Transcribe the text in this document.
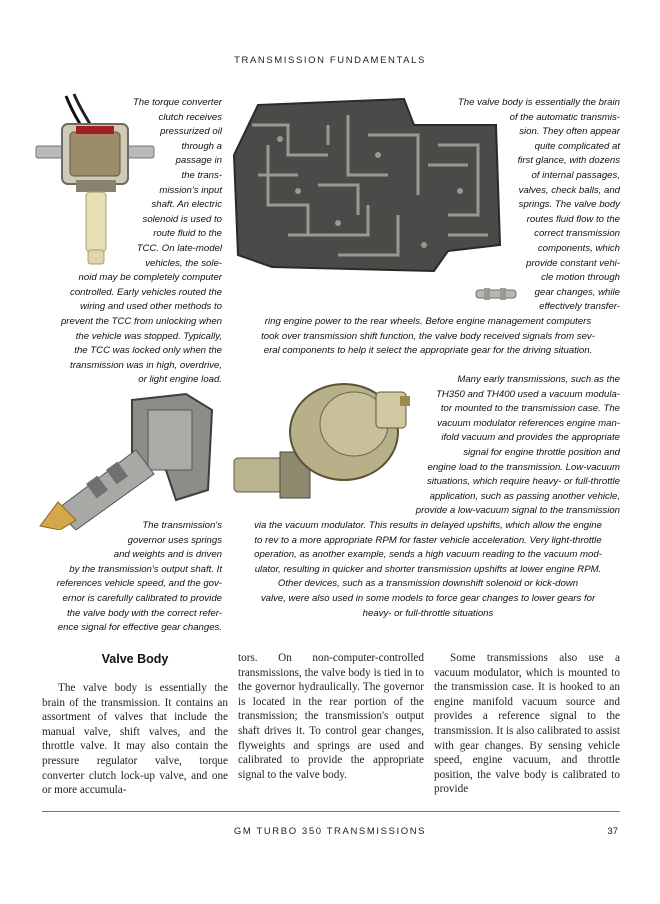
TRANSMISSION FUNDAMENTALS
The torque converter
clutch receives
pressurized oil
through a
passage in
the trans-
mission's input
shaft. An electric
solenoid is used to
route fluid to the
TCC. On late-model
vehicles, the sole-
noid may be completely computer
controlled. Early vehicles routed the
wiring and used other methods to
prevent the TCC from unlocking when
the vehicle was stopped. Typically,
the TCC was locked only when the
transmission was in high, overdrive,
or light engine load.
The valve body is essentially the brain
of the automatic transmis-
sion. They often appear
quite complicated at
first glance, with dozens
of internal passages,
valves, check balls, and
springs. The valve body
routes fluid flow to the
correct transmission
components, which
provide constant vehi-
cle motion through
gear changes, while
effectively transfer-
ring engine power to the rear wheels. Before engine management computers
took over transmission shift function, the valve body received signals from sev-
eral components to help it select the appropriate gear for the driving situation.
Many early transmissions, such as the
TH350 and TH400 used a vacuum modula-
tor mounted to the transmission case. The
vacuum modulator references engine man-
ifold vacuum and provides the appropriate
signal for engine throttle position and
engine load to the transmission. Low-vacuum
situations, which require heavy- or full-throttle
application, such as passing another vehicle,
provide a low-vacuum signal to the transmission
via the vacuum modulator. This results in delayed upshifts, which allow the engine
to rev to a more appropriate RPM for faster vehicle acceleration. Very light-throttle
operation, as another example, sends a high vacuum reading to the vacuum mod-
ulator, resulting in quicker and shorter transmission upshifts at lower engine RPM.
Other devices, such as a transmission downshift solenoid or kick-down
valve, were also used in some models to force gear changes to lower gears for
heavy- or full-throttle situations
The transmission's
governor uses springs
and weights and is driven
by the transmission's output shaft. It
references vehicle speed, and the gov-
ernor is carefully calibrated to provide
the valve body with the correct refer-
ence signal for effective gear changes.
Valve Body

The valve body is essentially the brain of the transmission. It contains an assortment of valves that include the manual valve, shift valves, and the throttle valve. It may also contain the pressure regulator valve, torque converter clutch lock-up valve, and one or more accumula-

tors. On non-computer-controlled transmissions, the valve body is tied in to the governor hydraulically. The governor is located in the rear portion of the transmission; the transmission's output shaft drives it. To control gear changes, flyweights and springs are used and calibrated to provide the appropriate signal to the valve body.

Some transmissions also use a vacuum modulator, which is mounted to the transmission case. It is hooked to an engine manifold vacuum source and provides a reference signal to the transmission. It is also calibrated to assist with gear changes. By sensing vehicle speed, engine vacuum, and throttle position, the valve body is calibrated to provide

GM TURBO 350 TRANSMISSIONS	37
